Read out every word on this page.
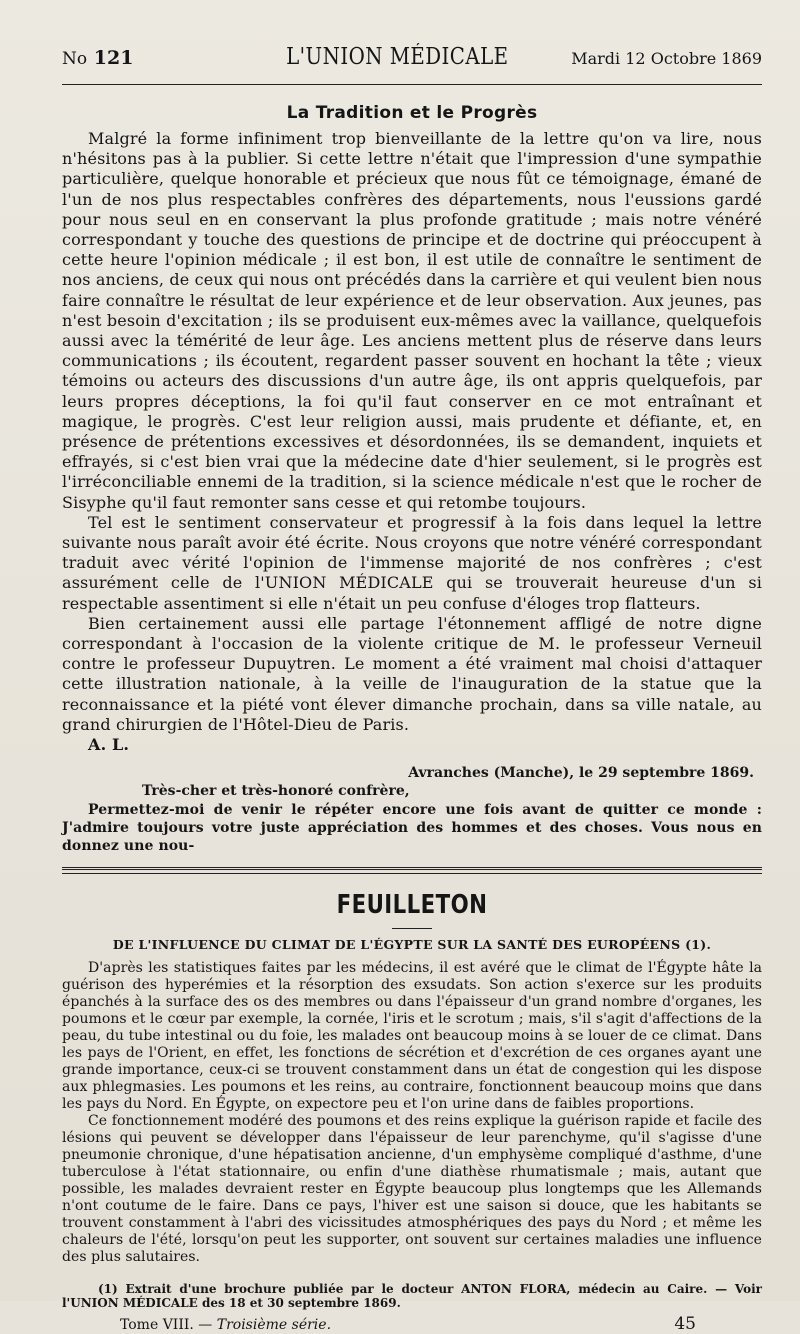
No 121	L'UNION MÉDICALE	Mardi 12 Octobre 1869
La Tradition et le Progrès

Malgré la forme infiniment trop bienveillante de la lettre qu'on va lire, nous n'hésitons pas à la publier. Si cette lettre n'était que l'impression d'une sympathie particulière, quelque honorable et précieux que nous fût ce témoignage, émané de l'un de nos plus respectables confrères des départements, nous l'eussions gardé pour nous seul en en conservant la plus profonde gratitude ; mais notre vénéré correspondant y touche des questions de principe et de doctrine qui préoccupent à cette heure l'opinion médicale ; il est bon, il est utile de connaître le sentiment de nos anciens, de ceux qui nous ont précédés dans la carrière et qui veulent bien nous faire connaître le résultat de leur expérience et de leur observation. Aux jeunes, pas n'est besoin d'excitation ; ils se produisent eux-mêmes avec la vaillance, quelquefois aussi avec la témérité de leur âge. Les anciens mettent plus de réserve dans leurs communications ; ils écoutent, regardent passer souvent en hochant la tête ; vieux témoins ou acteurs des discussions d'un autre âge, ils ont appris quelquefois, par leurs propres déceptions, la foi qu'il faut conserver en ce mot entraînant et magique, le progrès. C'est leur religion aussi, mais prudente et défiante, et, en présence de prétentions excessives et désordonnées, ils se demandent, inquiets et effrayés, si c'est bien vrai que la médecine date d'hier seulement, si le progrès est l'irréconciliable ennemi de la tradition, si la science médicale n'est que le rocher de Sisyphe qu'il faut remonter sans cesse et qui retombe toujours.

Tel est le sentiment conservateur et progressif à la fois dans lequel la lettre suivante nous paraît avoir été écrite. Nous croyons que notre vénéré correspondant traduit avec vérité l'opinion de l'immense majorité de nos confrères ; c'est assurément celle de l'UNION MÉDICALE qui se trouverait heureuse d'un si respectable assentiment si elle n'était un peu confuse d'éloges trop flatteurs.

Bien certainement aussi elle partage l'étonnement affligé de notre digne correspondant à l'occasion de la violente critique de M. le professeur Verneuil contre le professeur Dupuytren. Le moment a été vraiment mal choisi d'attaquer cette illustration nationale, à la veille de l'inauguration de la statue que la reconnaissance et la piété vont élever dimanche prochain, dans sa ville natale, au grand chirurgien de l'Hôtel-Dieu de Paris.

A. L.

Avranches (Manche), le 29 septembre 1869.
Très-cher et très-honoré confrère,
Permettez-moi de venir le répéter encore une fois avant de quitter ce monde : J'admire toujours votre juste appréciation des hommes et des choses. Vous nous en donnez une nou-
FEUILLETON
DE L'INFLUENCE DU CLIMAT DE L'ÉGYPTE SUR LA SANTÉ DES EUROPÉENS (1).

D'après les statistiques faites par les médecins, il est avéré que le climat de l'Égypte hâte la guérison des hyperémies et la résorption des exsudats. Son action s'exerce sur les produits épanchés à la surface des os des membres ou dans l'épaisseur d'un grand nombre d'organes, les poumons et le cœur par exemple, la cornée, l'iris et le scrotum ; mais, s'il s'agit d'affections de la peau, du tube intestinal ou du foie, les malades ont beaucoup moins à se louer de ce climat. Dans les pays de l'Orient, en effet, les fonctions de sécrétion et d'excrétion de ces organes ayant une grande importance, ceux-ci se trouvent constamment dans un état de congestion qui les dispose aux phlegmasies. Les poumons et les reins, au contraire, fonctionnent beaucoup moins que dans les pays du Nord. En Égypte, on expectore peu et l'on urine dans de faibles proportions.

Ce fonctionnement modéré des poumons et des reins explique la guérison rapide et facile des lésions qui peuvent se développer dans l'épaisseur de leur parenchyme, qu'il s'agisse d'une pneumonie chronique, d'une hépatisation ancienne, d'un emphysème compliqué d'asthme, d'une tuberculose à l'état stationnaire, ou enfin d'une diathèse rhumatismale ; mais, autant que possible, les malades devraient rester en Égypte beaucoup plus longtemps que les Allemands n'ont coutume de le faire. Dans ce pays, l'hiver est une saison si douce, que les habitants se trouvent constamment à l'abri des vicissitudes atmosphériques des pays du Nord ; et même les chaleurs de l'été, lorsqu'on peut les supporter, ont souvent sur certaines maladies une influence des plus salutaires.

(1) Extrait d'une brochure publiée par le docteur ANTON FLORA, médecin au Caire. — Voir l'UNION MÉDICALE des 18 et 30 septembre 1869.
Tome VIII. — Troisième série.	45
